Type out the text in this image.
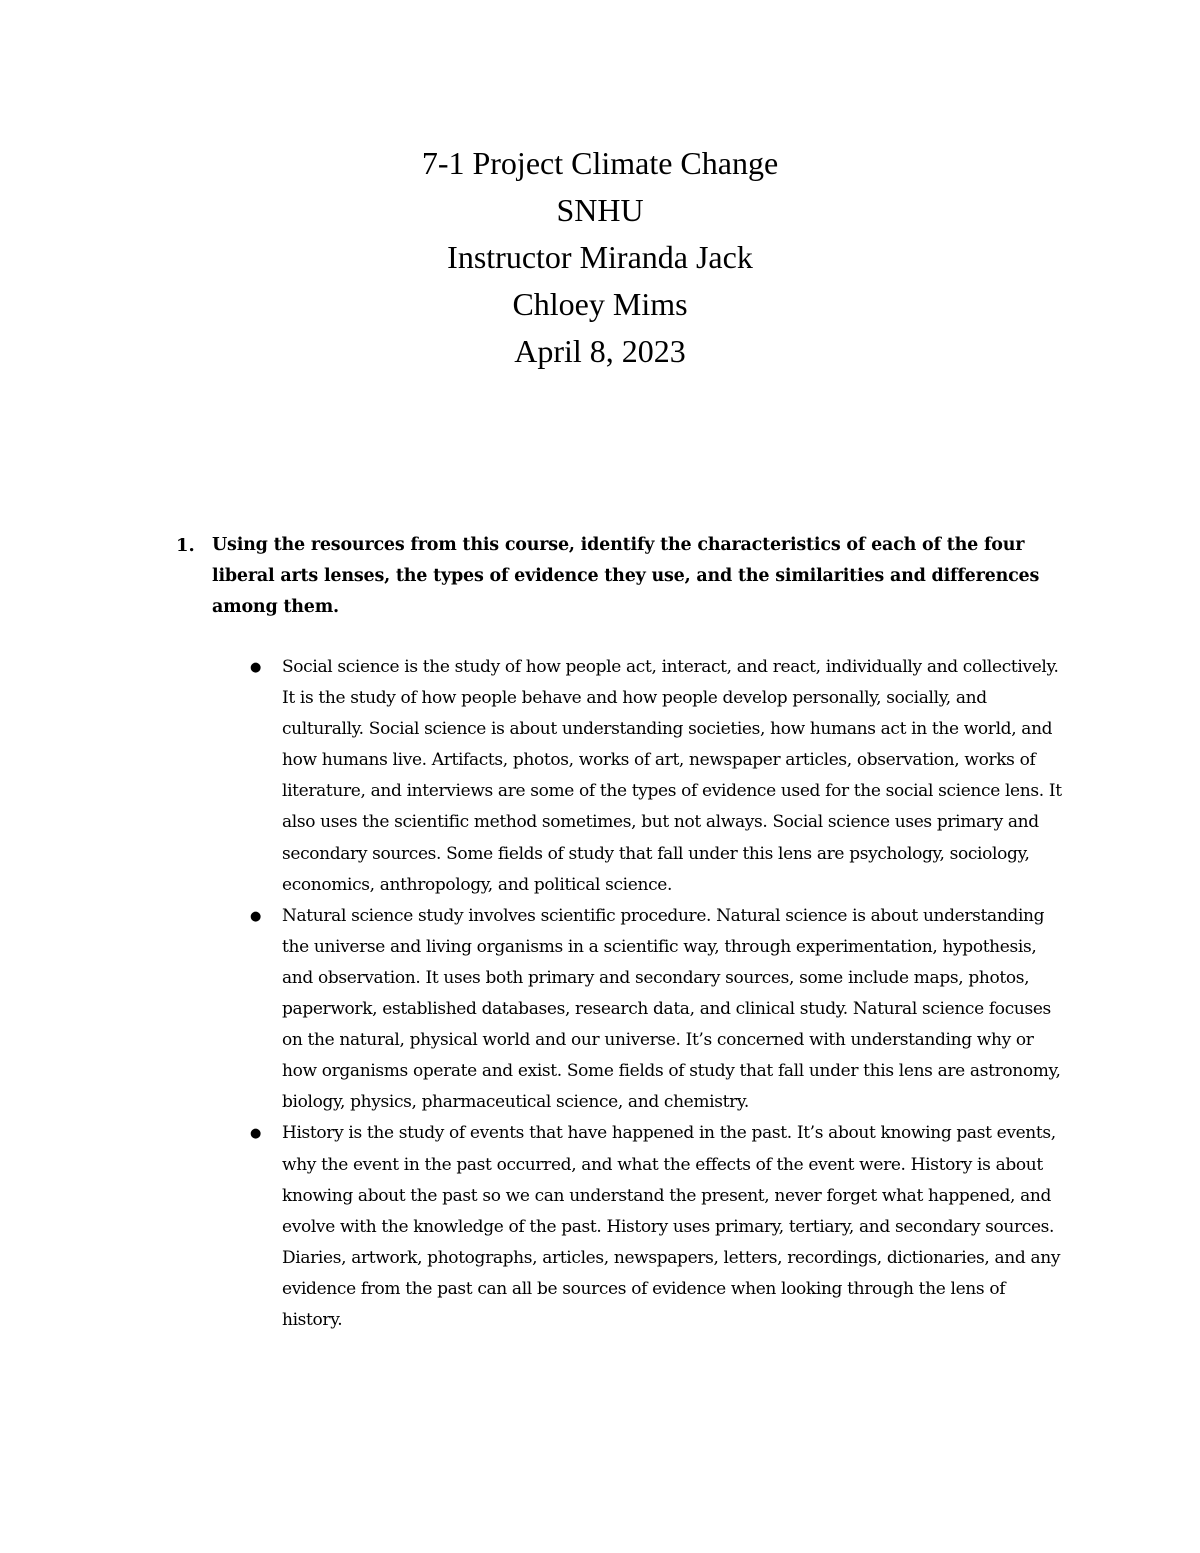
7-1 Project Climate Change
SNHU
Instructor Miranda Jack
Chloey Mims
April 8, 2023
1. Using the resources from this course, identify the characteristics of each of the four liberal arts lenses, the types of evidence they use, and the similarities and differences among them.
● Social science is the study of how people act, interact, and react, individually and collectively. It is the study of how people behave and how people develop personally, socially, and culturally. Social science is about understanding societies, how humans act in the world, and how humans live. Artifacts, photos, works of art, newspaper articles, observation, works of literature, and interviews are some of the types of evidence used for the social science lens. It also uses the scientific method sometimes, but not always. Social science uses primary and secondary sources. Some fields of study that fall under this lens are psychology, sociology, economics, anthropology, and political science.
● Natural science study involves scientific procedure. Natural science is about understanding the universe and living organisms in a scientific way, through experimentation, hypothesis, and observation. It uses both primary and secondary sources, some include maps, photos, paperwork, established databases, research data, and clinical study. Natural science focuses on the natural, physical world and our universe. It’s concerned with understanding why or how organisms operate and exist. Some fields of study that fall under this lens are astronomy, biology, physics, pharmaceutical science, and chemistry.
● History is the study of events that have happened in the past. It’s about knowing past events, why the event in the past occurred, and what the effects of the event were. History is about knowing about the past so we can understand the present, never forget what happened, and evolve with the knowledge of the past. History uses primary, tertiary, and secondary sources. Diaries, artwork, photographs, articles, newspapers, letters, recordings, dictionaries, and any evidence from the past can all be sources of evidence when looking through the lens of history.
